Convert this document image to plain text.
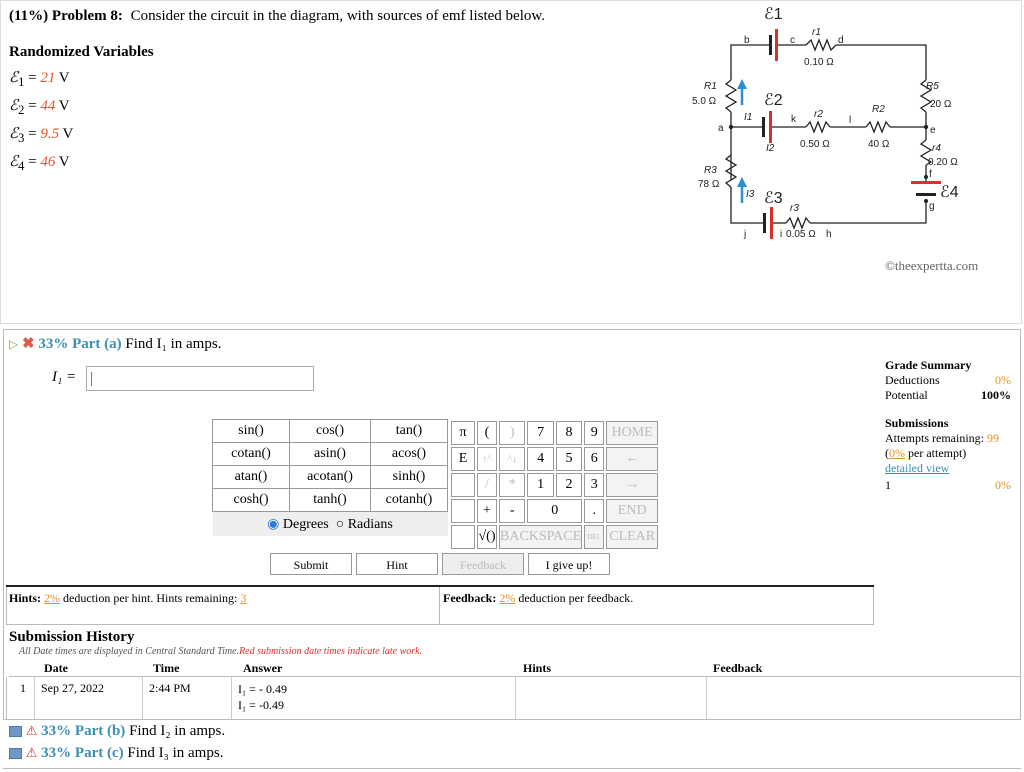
(11%) Problem 8: Consider the circuit in the diagram, with sources of emf listed below.
Randomized Variables
ℰ$_1$ = 21 V
ℰ$_2$ = 44 V
ℰ$_3$ = 9.5 V
ℰ$_4$ = 46 V
ℰ1
b	c	d
r1
0.10 Ω
R1
5.0 Ω	ℰ2
I1
a
k
I2
r2
0.50 Ω
l
R2
40 Ω
e
R5
20 Ω
r4
0.20 Ω
f
ℰ4
g
R3
78 Ω
I3 ℰ3
r3
j	i 0.05 Ω h
©theexpertta.com
▷ ✖ 33% Part (a) Find I₁ in amps.
I₁ =
Grade Summary
Deductions	0%
Potential	100%
Submissions
Attempts remaining: 99
(0% per attempt)
detailed view
1	0%
sin()	cos()	tan()
cotan()	asin()	acos()
atan()	acotan()	sinh()
cosh()	tanh()	cotanh()
◉ Degrees ○ Radians		
π	(	)	7	8	9	HOME
E	↑^	^↓	4	5	6	←
	/	*	1	2	3	→
	+	-	0		.	END
	√()	BACKSPACE			DEL	CLEAR
Submit	Hint	Feedback	I give up!
Hints: 2% deduction per hint. Hints remaining: 3	Feedback: 2% deduction per feedback.
Submission History
All Date times are displayed in Central Standard Time.Red submission date times indicate late work.
Date	Time	Answer	Hints	Feedback
1 Sep 27, 2022	2:44 PM	I₁ = - 0.49
I₁ = -0.49
⚠ 33% Part (b) Find I₂ in amps.
⚠ 33% Part (c) Find I₃ in amps.
